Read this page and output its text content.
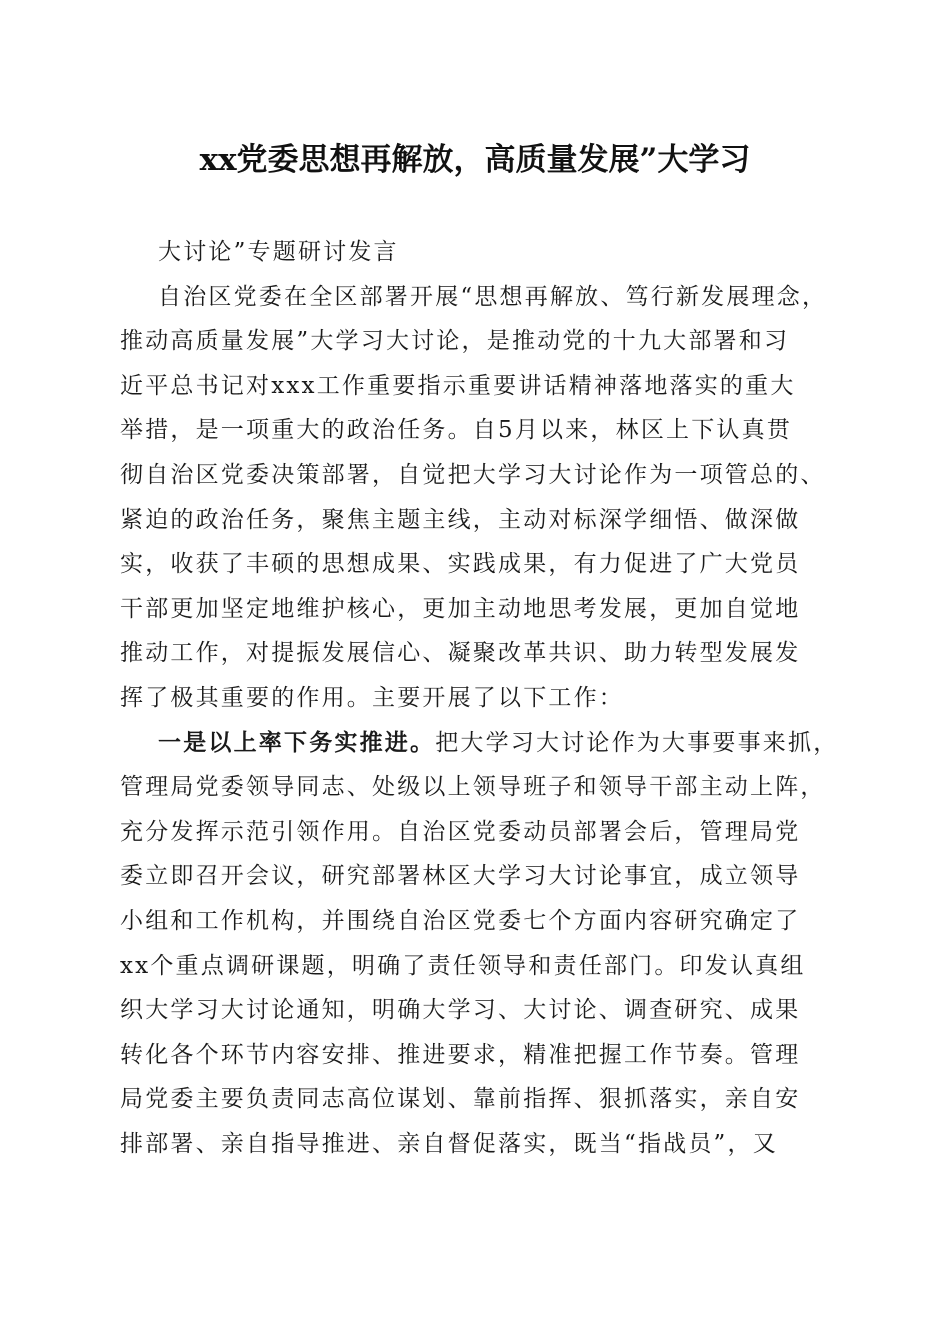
xx党委思想再解放，高质量发展”大学习
大讨论”专题研讨发言
自治区党委在全区部署开展“思想再解放、笃行新发展理念，
推动高质量发展”大学习大讨论，是推动党的十九大部署和习
近平总书记对xxx工作重要指示重要讲话精神落地落实的重大
举措，是一项重大的政治任务。自5月以来，林区上下认真贯
彻自治区党委决策部署，自觉把大学习大讨论作为一项管总的、
紧迫的政治任务，聚焦主题主线，主动对标深学细悟、做深做
实，收获了丰硕的思想成果、实践成果，有力促进了广大党员
干部更加坚定地维护核心，更加主动地思考发展，更加自觉地
推动工作，对提振发展信心、凝聚改革共识、助力转型发展发
挥了极其重要的作用。主要开展了以下工作：
一是以上率下务实推进。把大学习大讨论作为大事要事来抓，
管理局党委领导同志、处级以上领导班子和领导干部主动上阵，
充分发挥示范引领作用。自治区党委动员部署会后，管理局党
委立即召开会议，研究部署林区大学习大讨论事宜，成立领导
小组和工作机构，并围绕自治区党委七个方面内容研究确定了
xx个重点调研课题，明确了责任领导和责任部门。印发认真组
织大学习大讨论通知，明确大学习、大讨论、调查研究、成果
转化各个环节内容安排、推进要求，精准把握工作节奏。管理
局党委主要负责同志高位谋划、靠前指挥、狠抓落实，亲自安
排部署、亲自指导推进、亲自督促落实，既当“指战员”，又
